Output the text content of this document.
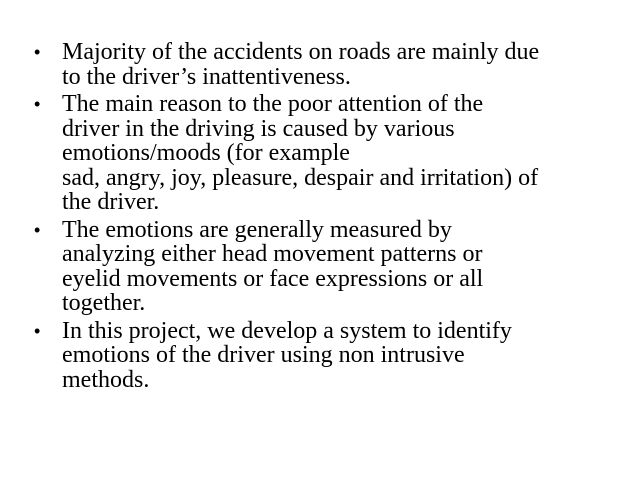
• Majority of the accidents on roads are mainly due
to the driver’s inattentiveness.
• The main reason to the poor attention of the
driver in the driving is caused by various
emotions/moods (for example
sad, angry, joy, pleasure, despair and irritation) of
the driver.
• The emotions are generally measured by
analyzing either head movement patterns or
eyelid movements or face expressions or all
together.
• In this project, we develop a system to identify
emotions of the driver using non intrusive
methods.
